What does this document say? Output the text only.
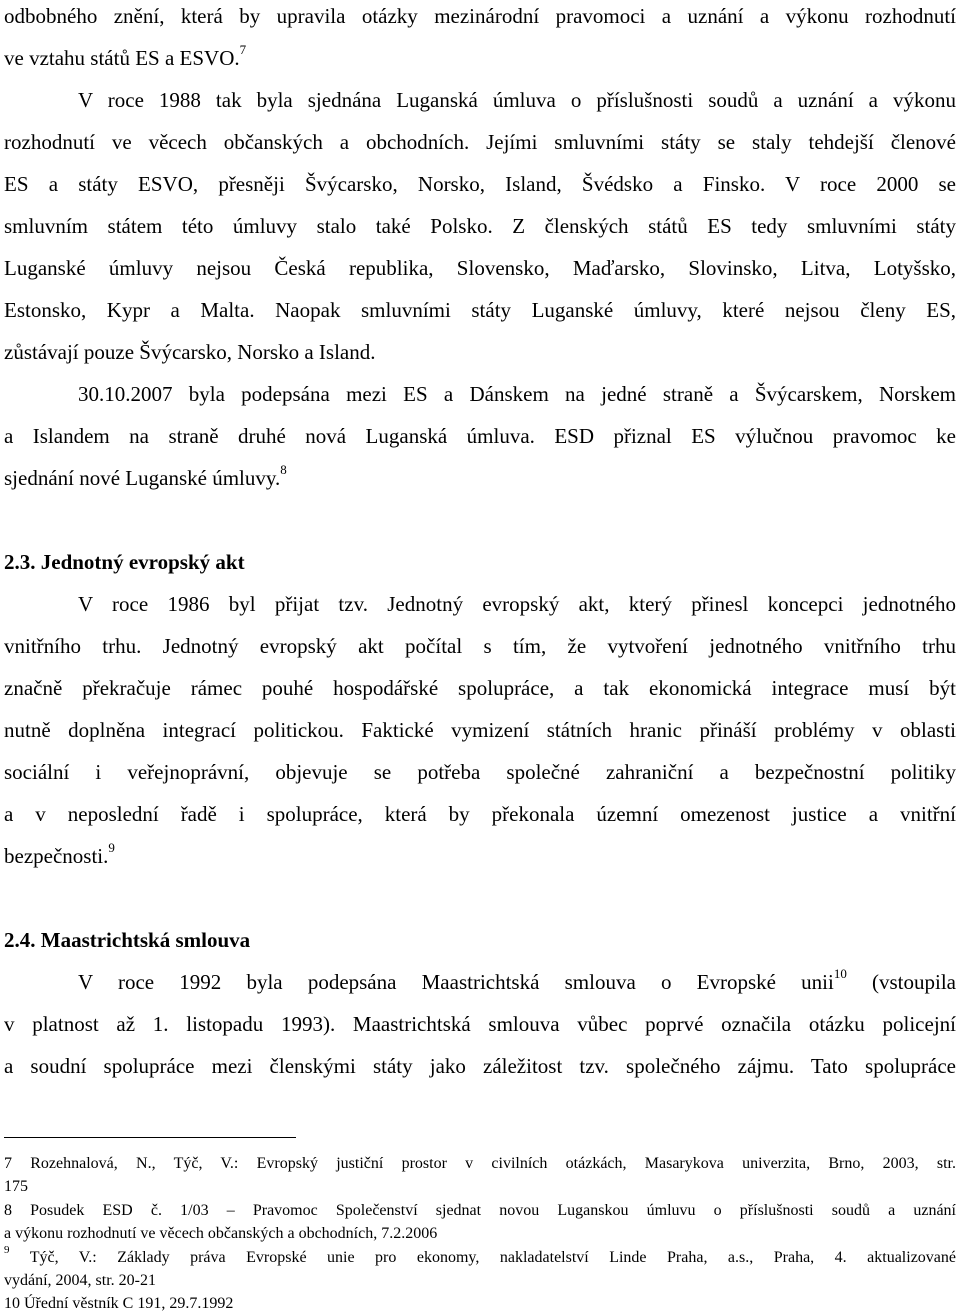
odbobného znění, která by upravila otázky mezinárodní pravomoci a uznání a výkonu rozhodnutí
ve vztahu států ES a ESVO.$^7$
V roce 1988 tak byla sjednána Luganská úmluva o příslušnosti soudů a uznání a výkonu
rozhodnutí ve věcech občanských a obchodních. Jejími smluvními státy se staly tehdejší členové
ES a státy ESVO, přesněji Švýcarsko, Norsko, Island, Švédsko a Finsko. V roce 2000 se
smluvním státem této úmluvy stalo také Polsko. Z členských států ES tedy smluvními státy
Luganské úmluvy nejsou Česká republika, Slovensko, Maďarsko, Slovinsko, Litva, Lotyšsko,
Estonsko, Kypr a Malta. Naopak smluvními státy Luganské úmluvy, které nejsou členy ES,
zůstávají pouze Švýcarsko, Norsko a Island.
30.10.2007 byla podepsána mezi ES a Dánskem na jedné straně a Švýcarskem, Norskem
a Islandem na straně druhé nová Luganská úmluva. ESD přiznal ES výlučnou pravomoc ke
sjednání nové Luganské úmluvy.$^8$
2.3. Jednotný evropský akt
V roce 1986 byl přijat tzv. Jednotný evropský akt, který přinesl koncepci jednotného
vnitřního trhu. Jednotný evropský akt počítal s tím, že vytvoření jednotného vnitřního trhu
značně překračuje rámec pouhé hospodářské spolupráce, a tak ekonomická integrace musí být
nutně doplněna integrací politickou. Faktické vymizení státních hranic přináší problémy v oblasti
sociální i veřejnoprávní, objevuje se potřeba společné zahraniční a bezpečnostní politiky
a v neposlední řadě i spolupráce, která by překonala územní omezenost justice a vnitřní
bezpečnosti.$^9$
2.4. Maastrichtská smlouva
V roce 1992 byla podepsána Maastrichtská smlouva o Evropské unii$^{10}$ (vstoupila
v platnost až 1. listopadu 1993). Maastrichtská smlouva vůbec poprvé označila otázku policejní
a soudní spolupráce mezi členskými státy jako záležitost tzv. společného zájmu. Tato spolupráce
7 Rozehnalová, N., Týč, V.: Evropský justiční prostor v civilních otázkách, Masarykova univerzita, Brno, 2003, str.
175
8 Posudek ESD č. 1/03 – Pravomoc Společenství sjednat novou Luganskou úmluvu o příslušnosti soudů a uznání
a výkonu rozhodnutí ve věcech občanských a obchodních, 7.2.2006
$^9$ Týč, V.: Základy práva Evropské unie pro ekonomy, nakladatelství Linde Praha, a.s., Praha, 4. aktualizované
vydání, 2004, str. 20-21
10 Úřední věstník C 191, 29.7.1992
